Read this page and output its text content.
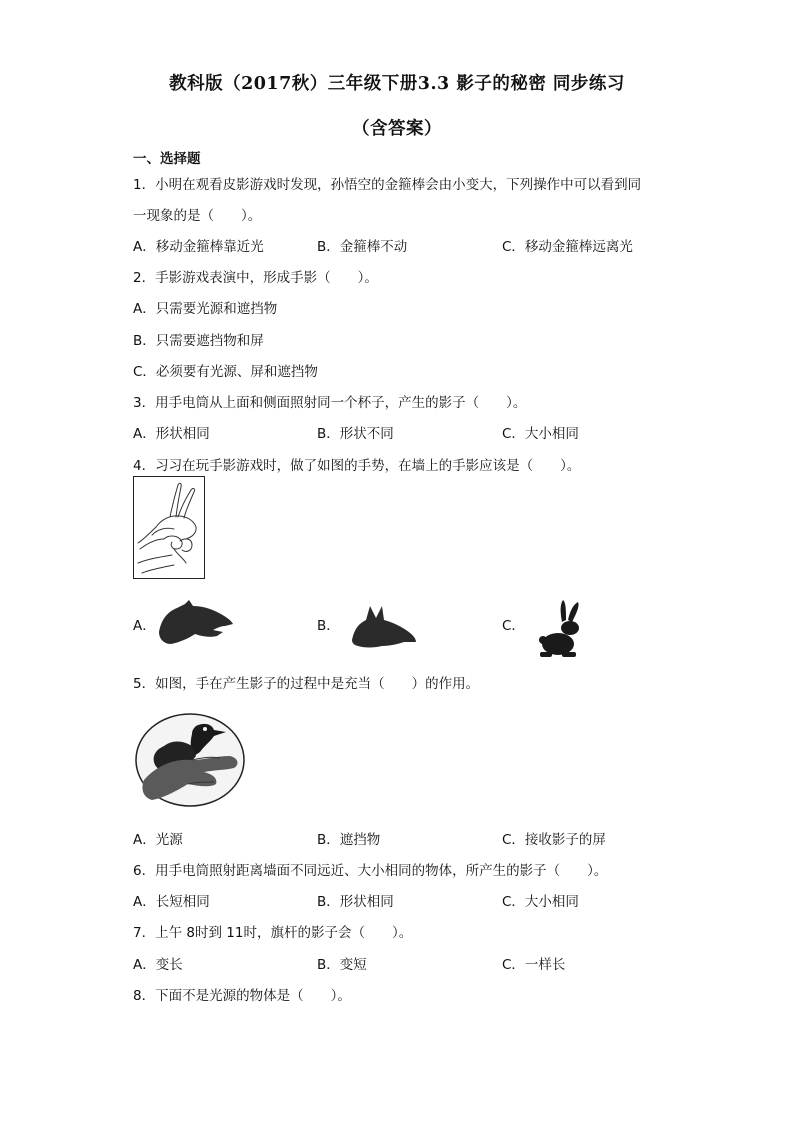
教科版（2017秋）三年级下册3.3 影子的秘密 同步练习
（含答案）
一、选择题
1．小明在观看皮影游戏时发现，孙悟空的金箍棒会由小变大，下列操作中可以看到同
一现象的是（　　）。
A．移动金箍棒靠近光	B．金箍棒不动	C．移动金箍棒远离光
2．手影游戏表演中，形成手影（　　）。
A．只需要光源和遮挡物
B．只需要遮挡物和屏
C．必须要有光源、屏和遮挡物
3．用手电筒从上面和侧面照射同一个杯子，产生的影子（　　）。
A．形状相同	B．形状不同	C．大小相同
4．习习在玩手影游戏时，做了如图的手势，在墙上的手影应该是（　　）。
A．	B．	C．
5．如图，手在产生影子的过程中是充当（　　）的作用。
A．光源	B．遮挡物	C．接收影子的屏
6．用手电筒照射距离墙面不同远近、大小相同的物体，所产生的影子（　　）。
A．长短相同	B．形状相同	C．大小相同
7．上午 8时到 11时，旗杆的影子会（　　）。
A．变长	B．变短	C．一样长
8．下面不是光源的物体是（　　）。
